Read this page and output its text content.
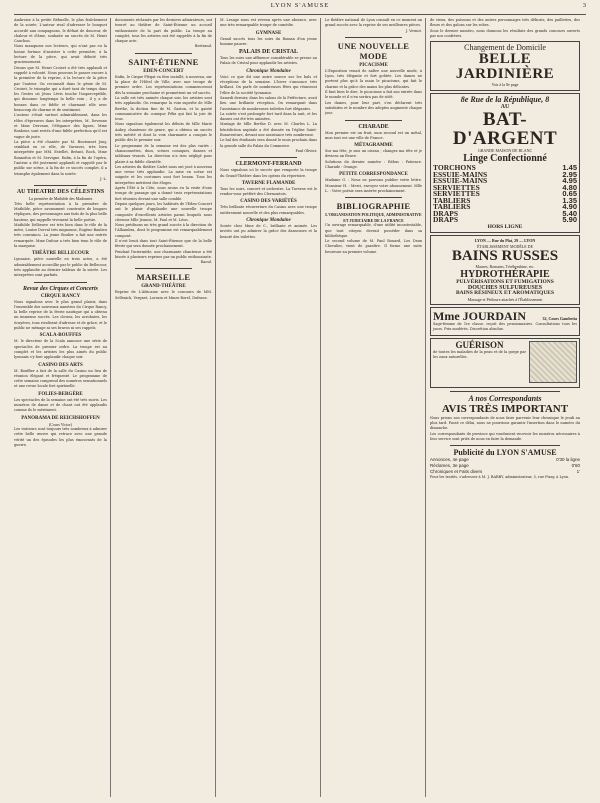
LYON S'AMUSE	3

Ambroise à la petite Réhnelle, le plus fraîchement de la soirée. L'auteur rival d'adresser le bouquet accordé aux compagnons, le défaut de douceur, de chaleur et d'âme, souhaite un succès de M. Henri Cauchon.

Nous manquons nos lecteurs, qui n'ont pas eu la bonne fortune d'assister à cette première, à la lecture de la pièce, qui avait débuté très gracieusement.

Disons que M. Henri Croiset a été très applaudi et rappelé à volonté. Nous pouvons le passer encore à la première de la reprise, à la lecture de la pièce par l'auteur. On reconnaît dans le génie de M. Croiset, le triomphe qui a duré tant de temps dans les Gestes où Jésus Lévis touche l'imperceptible, qui dissonne longtemps la belle voix ; il y a de bonnes dans ce fidèle et charmant rôle avec beaucoup de charme et de sentiment.

L'auteur s'était surtout admirablement, dans les rôles d'épreuves dans les interprètes, M. Devenne et Mme Dervaux, l'élégance des lignes, Mme Bonheur, sont restés d'une fidèle perfection qu'il est vague de juste.

La pièce a été chantée par M. Boutonnet Jony, semblait en ce rôle, de Varnezzi, très bien interprétée par MM. Estellet, Bréant, Roch, Mme Bonnefon et M. Servigne. Enfin, à la fin de l'opéra, l'auteur a été justement applaudi et rappelé par le public sur scène, à la fin de ce succès complet, il a triomphe également dans la soirée.

J.-L.

AU THEATRE DES CÉLESTINS
La première de Mathilde des Madonnes

Très belle représentation à la première de Mathilde, pièce savamment construite de longues répliques, des personnages aux faits de la plus belle hauteur, qui rappelle vivement la belle poésie.

Mathilde Delbeuve est très bien dans le rôle de la mère, Louise Dorval très mignonne, Eugène Baulieu très convaincu. La jeune Boulier a fait une entrée remarquée. Mme Dufour a très bien tenu le rôle de la marquise.

THÉÂTRE BELLECOUR

Lynnaise, pièce nouvelle en trois actes, a été admirablement accueillie par le public du Bellecour, très applaudie au dernier tableau de la soirée. Les interprètes sont parfaits.

Revue des Cirques et Concerts
CIRQUE RANCY

Nous signalons avec le plus grand plaisir, dans l'ensemble des nouveaux numéros du Cirque Rancy, la belle reprise de la féerie nautique qui a obtenu un immense succès. Les clowns, les acrobates, les écuyères, tous rivalisent d'adresse et de grâce, et le public ne ménage ni ses bravos ni ses rappels.

SCALA-BOUFFES

M. le directeur de la Scala annonce une série de spectacles de premier ordre. La troupe est au complet et les artistes les plus aimés du public lyonnais s'y font applaudir chaque soir.

CASINO DES ARTS

M. Bouffier a fait de la salle du Casino un lieu de réunion élégant et fréquenté. Le programme de cette semaine comprend des numéros sensationnels et une revue locale fort spirituelle.

FOLIES-BERGÈRE

Les spectacles de la semaine ont été très suivis. Les numéros de danse et de chant ont été applaudis comme ils le méritaient.

PANORAMA DE REICHSHOFFEN
(Cours Victor)

Les visiteurs sont toujours très nombreux à admirer cette belle œuvre qui retrace avec une grande vérité un des épisodes les plus émouvants de la guerre.

documents réclamés par les derniers admirateurs, ont trouvé au théâtre de Saint-Étienne un accueil enthousiaste de la part du public. La troupe au complet, tous les artistes ont été rappelés à la fin de chaque acte.

Bertrand.

SAINT-ÉTIENNE
EDEN-CONCERT

Enfin, le Cirque Plégat va être installé, à nouveau, sur la place de l'Hôtel de Ville, avec une troupe de premier ordre. Les représentations commenceront dès la semaine prochaine et promettent un vif succès.

La salle est très animée chaque soir, les artistes sont très applaudis. On remarque la voix superbe de Mlle Berthe, la diction fine de M. Gaston, et la gaieté communicative du comique Félix qui fait la joie de tous.

Nous signalons également les débuts de Mlle Marie Aubry, chanteuse de genre, qui a obtenu un succès très mérité et dont la voix charmante a conquis le public dès le premier soir.

Le programme de la semaine est des plus variés : chansonnettes, duos, scènes comiques, danses et tableaux vivants. La direction n'a rien négligé pour plaire à sa fidèle clientèle.

Les artistes du théâtre Cadet nous ont joué à nouveau une revue très applaudie. La mise en scène est soignée et les costumes sont fort beaux. Tous les interprètes méritent des éloges.

Après l'Été à la Côte, nous avons eu la visite d'une troupe de passage qui a donné trois représentations fort réussies devant une salle comble.

Depuis quelques jours, les habitués de l'Eden-Concert ont le plaisir d'applaudir une nouvelle troupe composée d'excellents artistes parmi lesquels nous citerons Mlle Jeanne, M. Paul et M. Léon.

Nous prédisons un très grand succès à la direction de l'Alhambra, dont le programme est remarquablement composé.

Il n'est bruit dans tout Saint-Étienne que de la belle féerie qui sera donnée prochainement.

Pendant l'intermède, une charmante chanteuse a été bissée à plusieurs reprises par un public enthousiaste.

Raoul.

MARSEILLE
GRAND-THÉÂTRE

Reprise de L'Africaine avec le concours de MM. Sellenick, Vergnet, Lorrain et Mmes Borel, Dufrane.

M. Lesage nous est revenu après une absence, avec une très remarquable troupe de comédie.

GYMNASE

Grand succès tous les soirs du Roman d'un jeune homme pauvre.

PALAIS DE CRISTAL

Tous les soirs une affluence considérable se presse au Palais de Cristal pour applaudir les artistes.

Chronique Mondaine

Voici ce que dit une autre source sur les bals et réceptions de la semaine. L'hiver s'annonce très brillant. On parle de nombreuses fêtes qui réuniront l'élite de la société lyonnaise.

Samedi dernier, dans les salons de la Préfecture, avait lieu une brillante réception. On remarquait dans l'assistance de nombreuses toilettes fort élégantes.

La soirée s'est prolongée fort tard dans la nuit, et les danses ont été très animées.

Mariage de Mlle Berthe D. avec M. Charles L. La bénédiction nuptiale a été donnée en l'église Saint-Bonaventure, devant une assistance très nombreuse.

Le bal des étudiants sera donné le mois prochain dans la grande salle du Palais du Commerce.

Paul Olivier.

CLERMONT-FERRAND

Nous signalons ici le succès que remporte la troupe du Grand-Théâtre dans les opéras du répertoire.

TAVERNE FLAMANDE

Tous les soirs, concert et orchestre. La Taverne est le rendez-vous préféré des Clermontois.

CASINO DES VARIÉTÉS

Très brillante réouverture du Casino avec une troupe entièrement nouvelle et des plus remarquables.

Chronique Mondaine

Soirée chez Mme de C., brillante et animée. Les invités ont pu admirer la grâce des danseuses et la beauté des toilettes.

Le théâtre national de Lyon connaît en ce moment un grand succès avec la reprise de ses meilleures pièces.

J. Vernot.

UNE NOUVELLE MODE
PICACISME

L'Exposition venait de naître une nouvelle mode, à Lyon, très élégante et fort goûtée. Les dames ne portent plus qu'à la main le picacisme, qui fait le charme et la grâce des mains les plus délicates.

Il faut bien le dire, le picacisme a fait son entrée dans le monde et il n'en sortira pas de sitôt.

Les dames, pour leur part, s'en déclarent très satisfaites et le nombre des adeptes augmente chaque jour.

CHARADE

Mon premier est un fruit, mon second est un métal, mon tout est une ville de France.

MÉTAGRAMME

Sur ma tête, je suis un oiseau ; changez ma tête et je deviens un fleuve.

Solutions du dernier numéro : Rébus : Patience. Charade : Orange.

PETITE CORRESPONDANCE

Madame G. : Nous ne pouvons publier votre lettre. Monsieur H. : Merci, envoyez votre abonnement. Mlle L. : Votre poésie sera insérée prochainement.

BIBLIOGRAPHIE
L'ORGANISATION POLITIQUE, ADMINISTRATIVE ET JUDICIAIRE DE LA FRANCE

Un ouvrage remarquable, d'une utilité incontestable, que tout citoyen devrait posséder dans sa bibliothèque.

Le second volume de M. Paul Rouard, Les Deux Chevalier, vient de paraître. Il forme une suite heureuse au premier volume.

de vieux, des poissons et des autres personnages très délicats, des paillettes, des fleurs et des galons sur les robes.

Sous le dernier numéro, nous donnons les résultats des grands concours ouverts par nos confrères.

Changement de Domicile
BELLE JARDINIÈRE
Voir à la 8e page
8e Rue de la République, 8
AU
BAT-D'ARGENT
GRANDE MAISON DE BLANC
Linge Confectionné
TORCHONS	1.45
ESSUIE-MAINS	2.95
ESSUIE-MAINS	4.95
SERVIETTES	4.80
SERVIETTES	0.65
TABLIERS	1.35
TABLIERS	4.90
DRAPS	5.40
DRAPS	5.90
HORS LIGNE
LYON — Rue du Plat, 29 — LYON
ÉTABLISSEMENT MODÈLE DE
BAINS RUSSES
Maures, Romains, Térébenthine, etc.
HYDROTHÉRAPIE
PULVÉRISATIONS ET FUMIGATIONS
DOUCHES SULFUREUSES
BAINS RÉSINEUX ET AROMATIQUES
Massage et Pédicure attachés à l'Établissement
Mme JOURDAIN	32, Cours Gambetta

Sage-femme de 1re classe, reçoit des pensionnaires. Consultations tous les jours. Prix modérés. Discrétion absolue.

GUÉRISON

de toutes les maladies de la peau et de la gorge par les eaux naturelles.

A nos Correspondants
AVIS TRÈS IMPORTANT

Nous prions nos correspondants de nous faire parvenir leur chronique le jeudi au plus tard. Passé ce délai, nous ne pourrions garantir l'insertion dans le numéro du dimanche.

Les correspondants de province qui voudraient recevoir les numéros nécessaires à leur service sont priés de nous en faire la demande.

Publicité du LYON S'AMUSE
Annonces, 4e page	0'30 la ligne
Réclames, 3e page	0'60
Chroniques et Faits divers	1'

Pour les traités, s'adresser à M. J. BARBY, administrateur, 5, rue Pizay, à Lyon.
